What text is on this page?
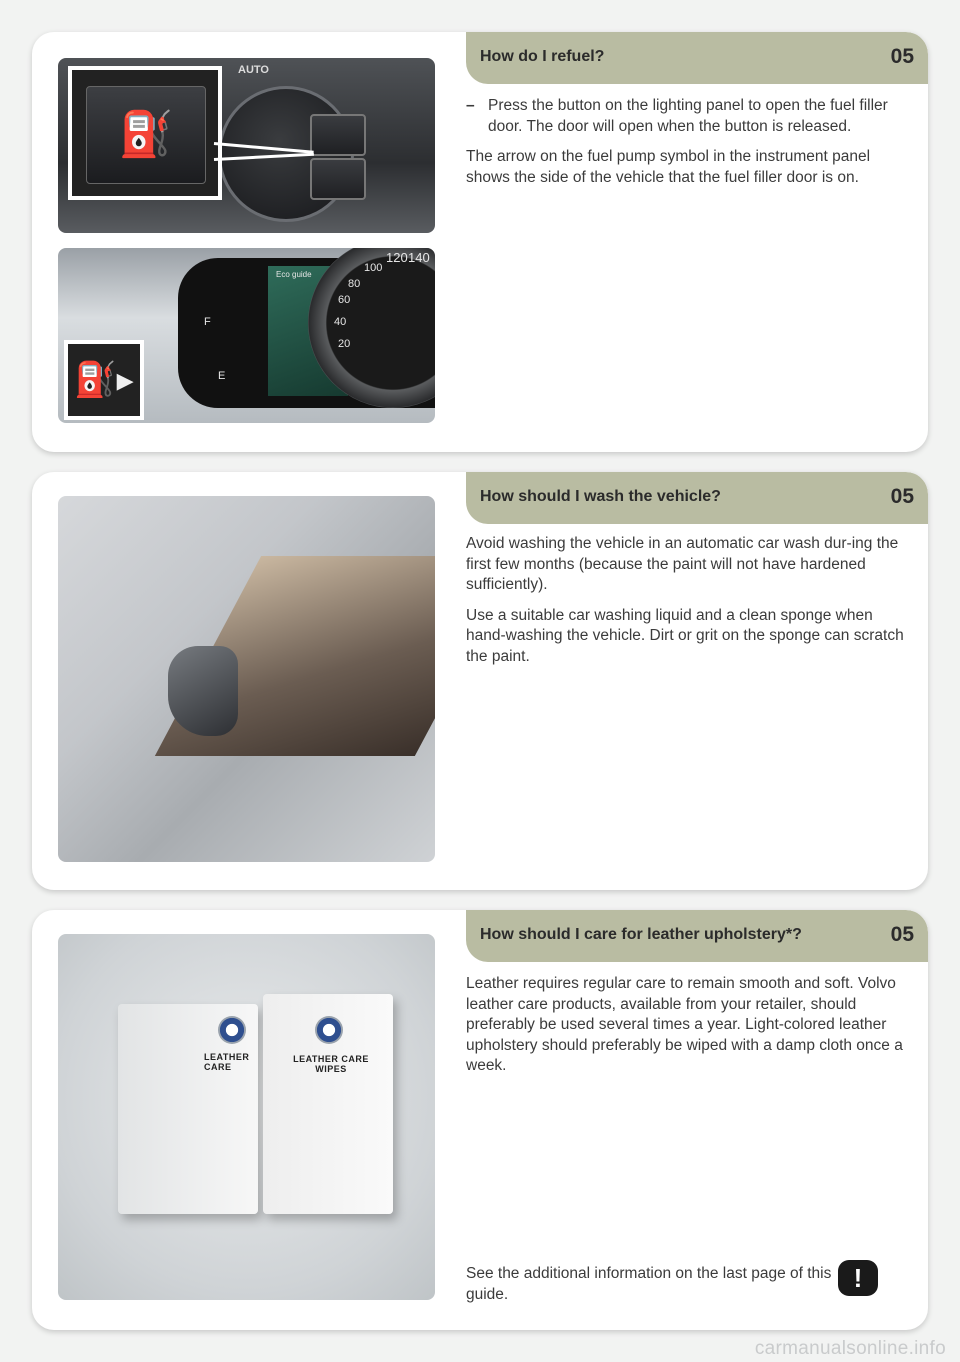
AUTO
⛽
Eco guide
120 140
100
80
60
40
20
F
E
⛽▸
How do I refuel?	05
– Press the button on the lighting panel to open the fuel filler door. The door will open when the button is released.

The arrow on the fuel pump symbol in the instrument panel shows the side of the vehicle that the fuel filler door is on.

How should I wash the vehicle?	05

Avoid washing the vehicle in an automatic car wash dur-ing the first few months (because the paint will not have hardened sufficiently).

Use a suitable car washing liquid and a clean sponge when hand-washing the vehicle. Dirt or grit on the sponge can scratch the paint.

LEATHER CARE
LEATHER CARE WIPES
How should I care for leather upholstery*?	05

Leather requires regular care to remain smooth and soft. Volvo leather care products, available from your retailer, should preferably be used several times a year. Light-colored leather upholstery should preferably be wiped with a damp cloth once a week.

See the additional information on the last page of this guide.
!
carmanualsonline.info
